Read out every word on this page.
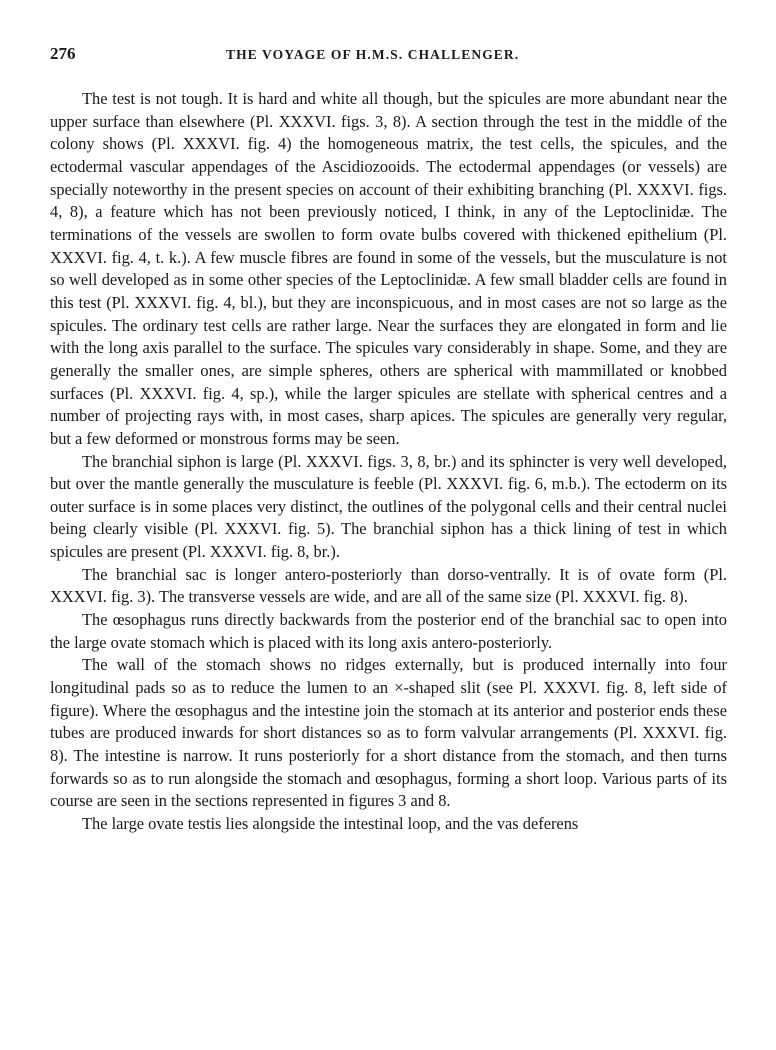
276	THE VOYAGE OF H.M.S. CHALLENGER.

The test is not tough. It is hard and white all though, but the spicules are more abundant near the upper surface than elsewhere (Pl. XXXVI. figs. 3, 8). A section through the test in the middle of the colony shows (Pl. XXXVI. fig. 4) the homogeneous matrix, the test cells, the spicules, and the ectodermal vascular appendages of the Ascidiozooids. The ectodermal appendages (or vessels) are specially noteworthy in the present species on account of their exhibiting branching (Pl. XXXVI. figs. 4, 8), a feature which has not been previously noticed, I think, in any of the Leptoclinidæ. The terminations of the vessels are swollen to form ovate bulbs covered with thickened epithelium (Pl. XXXVI. fig. 4, t. k.). A few muscle fibres are found in some of the vessels, but the musculature is not so well developed as in some other species of the Leptoclinidæ. A few small bladder cells are found in this test (Pl. XXXVI. fig. 4, bl.), but they are inconspicuous, and in most cases are not so large as the spicules. The ordinary test cells are rather large. Near the surfaces they are elongated in form and lie with the long axis parallel to the surface. The spicules vary considerably in shape. Some, and they are generally the smaller ones, are simple spheres, others are spherical with mammillated or knobbed surfaces (Pl. XXXVI. fig. 4, sp.), while the larger spicules are stellate with spherical centres and a number of projecting rays with, in most cases, sharp apices. The spicules are generally very regular, but a few deformed or monstrous forms may be seen.

The branchial siphon is large (Pl. XXXVI. figs. 3, 8, br.) and its sphincter is very well developed, but over the mantle generally the musculature is feeble (Pl. XXXVI. fig. 6, m.b.). The ectoderm on its outer surface is in some places very distinct, the outlines of the polygonal cells and their central nuclei being clearly visible (Pl. XXXVI. fig. 5). The branchial siphon has a thick lining of test in which spicules are present (Pl. XXXVI. fig. 8, br.).

The branchial sac is longer antero-posteriorly than dorso-ventrally. It is of ovate form (Pl. XXXVI. fig. 3). The transverse vessels are wide, and are all of the same size (Pl. XXXVI. fig. 8).

The œsophagus runs directly backwards from the posterior end of the branchial sac to open into the large ovate stomach which is placed with its long axis antero-posteriorly.

The wall of the stomach shows no ridges externally, but is produced internally into four longitudinal pads so as to reduce the lumen to an ×-shaped slit (see Pl. XXXVI. fig. 8, left side of figure). Where the œsophagus and the intestine join the stomach at its anterior and posterior ends these tubes are produced inwards for short distances so as to form valvular arrangements (Pl. XXXVI. fig. 8). The intestine is narrow. It runs posteriorly for a short distance from the stomach, and then turns forwards so as to run alongside the stomach and œsophagus, forming a short loop. Various parts of its course are seen in the sections represented in figures 3 and 8.

The large ovate testis lies alongside the intestinal loop, and the vas deferens
